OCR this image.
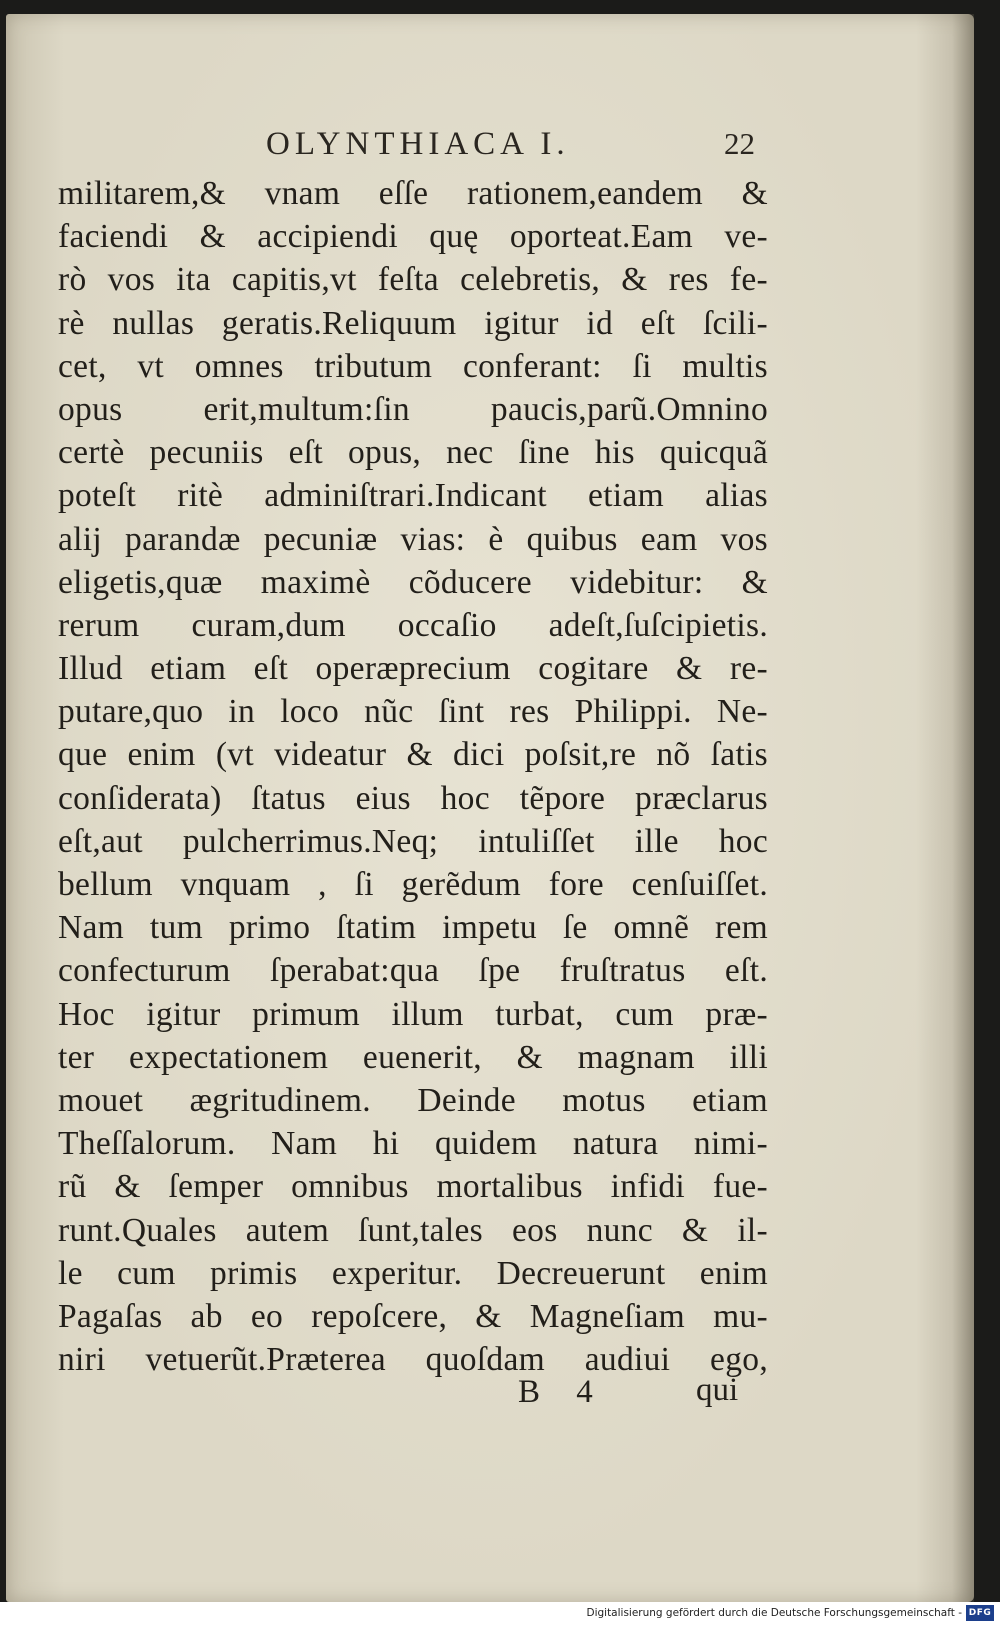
OLYNTHIACA I.	22
militarem,& vnam eſſe rationem,eandem &
faciendi & accipiendi quę oporteat.Eam ve-
rò vos ita capitis,vt feſta celebretis, & res fe-
rè nullas geratis.Reliquum igitur id eſt ſcili-
cet, vt omnes tributum conferant: ſi multis
opus erit,multum:ſin paucis,parũ.Omnino
certè pecuniis eſt opus, nec ſine his quicquã
poteſt ritè adminiſtrari.Indicant etiam alias
alij parandæ pecuniæ vias: è quibus eam vos
eligetis,quæ maximè cõducere videbitur: &
rerum curam,dum occaſio adeſt,ſuſcipietis.
Illud etiam eſt operæprecium cogitare & re-
putare,quo in loco nũc ſint res Philippi. Ne-
que enim (vt videatur & dici poſsit,re nõ ſatis
conſiderata) ſtatus eius hoc tẽpore præclarus
eſt,aut pulcherrimus.Neq; intuliſſet ille hoc
bellum vnquam , ſi gerẽdum fore cenſuiſſet.
Nam tum primo ſtatim impetu ſe omnẽ rem
confecturum ſperabat:qua ſpe fruſtratus eſt.
Hoc igitur primum illum turbat, cum præ-
ter expectationem euenerit, & magnam illi
mouet ægritudinem. Deinde motus etiam
Theſſalorum. Nam hi quidem natura nimi-
rũ & ſemper omnibus mortalibus infidi fue-
runt.Quales autem ſunt,tales eos nunc & il-
le cum primis experitur. Decreuerunt enim
Pagaſas ab eo repoſcere, & Magneſiam mu-
niri vetuerũt.Præterea quoſdam audiui ego,
B 4	qui
Digitalisierung gefördert durch die Deutsche Forschungsgemeinschaft - DFG
